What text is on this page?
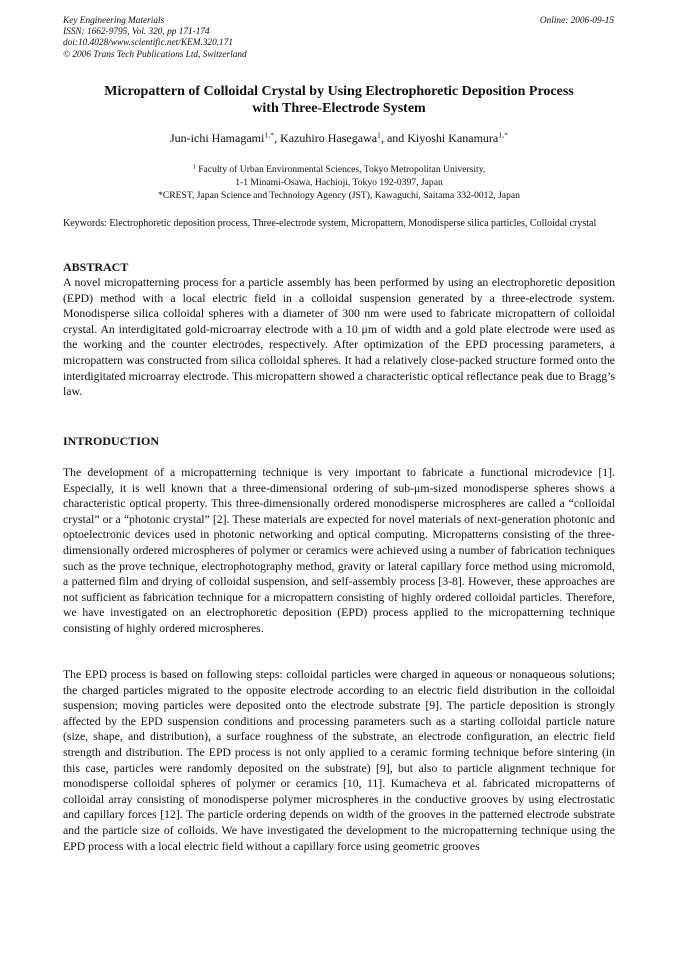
Key Engineering Materials
ISSN: 1662-9795, Vol. 320, pp 171-174
doi:10.4028/www.scientific.net/KEM.320.171
© 2006 Trans Tech Publications Ltd, Switzerland
Online: 2006-09-15
Micropattern of Colloidal Crystal by Using Electrophoretic Deposition Process
with Three-Electrode System
Jun-ichi Hamagami$^{1,*}$, Kazuhiro Hasegawa$^1$, and Kiyoshi Kanamura$^{1,*}$
$^1$ Faculty of Urban Environmental Sciences, Tokyo Metropolitan University,
1-1 Minami-Osawa, Hachioji, Tokyo 192-0397, Japan
*CREST, Japan Science and Technology Agency (JST), Kawaguchi, Saitama 332-0012, Japan
Keywords: Electrophoretic deposition process, Three-electrode system, Micropattern, Monodisperse silica particles, Colloidal crystal
ABSTRACT
A novel micropatterning process for a particle assembly has been performed by using an electrophoretic deposition (EPD) method with a local electric field in a colloidal suspension generated by a three-electrode system. Monodisperse silica colloidal spheres with a diameter of 300 nm were used to fabricate micropattern of colloidal crystal. An interdigitated gold-microarray electrode with a 10 μm of width and a gold plate electrode were used as the working and the counter electrodes, respectively. After optimization of the EPD processing parameters, a micropattern was constructed from silica colloidal spheres. It had a relatively close-packed structure formed onto the interdigitated microarray electrode. This micropattern showed a characteristic optical reflectance peak due to Bragg’s law.
INTRODUCTION
The development of a micropatterning technique is very important to fabricate a functional microdevice [1]. Especially, it is well known that a three-dimensional ordering of sub-μm-sized monodisperse spheres shows a characteristic optical property. This three-dimensionally ordered monodisperse microspheres are called a “colloidal crystal” or a “photonic crystal” [2]. These materials are expected for novel materials of next-generation photonic and optoelectronic devices used in photonic networking and optical computing. Micropatterns consisting of the three-dimensionally ordered microspheres of polymer or ceramics were achieved using a number of fabrication techniques such as the prove technique, electrophotography method, gravity or lateral capillary force method using micromold, a patterned film and drying of colloidal suspension, and self-assembly process [3-8]. However, these approaches are not sufficient as fabrication technique for a micropattern consisting of highly ordered colloidal particles. Therefore, we have investigated on an electrophoretic deposition (EPD) process applied to the micropatterning technique consisting of highly ordered microspheres.
The EPD process is based on following steps: colloidal particles were charged in aqueous or nonaqueous solutions; the charged particles migrated to the opposite electrode according to an electric field distribution in the colloidal suspension; moving particles were deposited onto the electrode substrate [9]. The particle deposition is strongly affected by the EPD suspension conditions and processing parameters such as a starting colloidal particle nature (size, shape, and distribution), a surface roughness of the substrate, an electrode configuration, an electric field strength and distribution. The EPD process is not only applied to a ceramic forming technique before sintering (in this case, particles were randomly deposited on the substrate) [9], but also to particle alignment technique for monodisperse colloidal spheres of polymer or ceramics [10, 11]. Kumacheva et al. fabricated micropatterns of colloidal array consisting of monodisperse polymer microspheres in the conductive grooves by using electrostatic and capillary forces [12]. The particle ordering depends on width of the grooves in the patterned electrode substrate and the particle size of colloids. We have investigated the development to the micropatterning technique using the EPD process with a local electric field without a capillary force using geometric grooves
